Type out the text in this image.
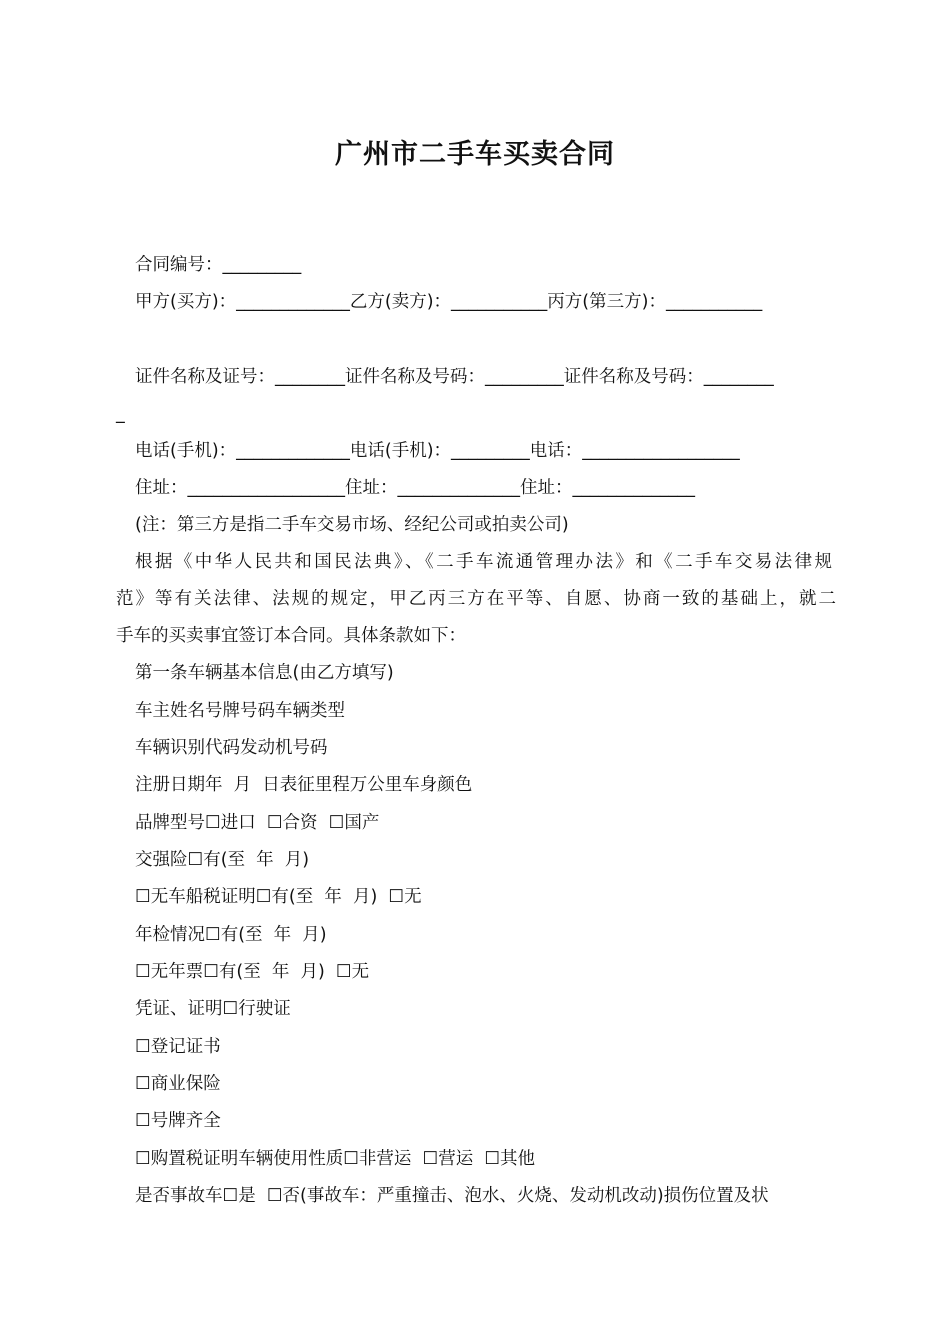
广州市二手车买卖合同
合同编号：_________
甲方(买方)：_____________乙方(卖方)：___________丙方(第三方)：___________
证件名称及证号：________证件名称及号码：_________证件名称及号码：________
_
电话(手机)：_____________电话(手机)：_________电话：__________________
住址：__________________住址：______________住址：______________
(注：第三方是指二手车交易市场、经纪公司或拍卖公司)
根据《中华人民共和国民法典》、《二手车流通管理办法》和《二手车交易法律规
范》等有关法律、法规的规定，甲乙丙三方在平等、自愿、协商一致的基础上，就二
手车的买卖事宜签订本合同。具体条款如下：
第一条车辆基本信息(由乙方填写)
车主姓名号牌号码车辆类型
车辆识别代码发动机号码
注册日期年  月  日表征里程万公里车身颜色
品牌型号☐进口  ☐合资  ☐国产
交强险☐有(至  年  月)
☐无车船税证明☐有(至  年  月)  ☐无
年检情况☐有(至  年  月)
☐无年票☐有(至  年  月)  ☐无
凭证、证明☐行驶证
☐登记证书
☐商业保险
☐号牌齐全
☐购置税证明车辆使用性质☐非营运  ☐营运  ☐其他
是否事故车☐是  ☐否(事故车：严重撞击、泡水、火烧、发动机改动)损伤位置及状
